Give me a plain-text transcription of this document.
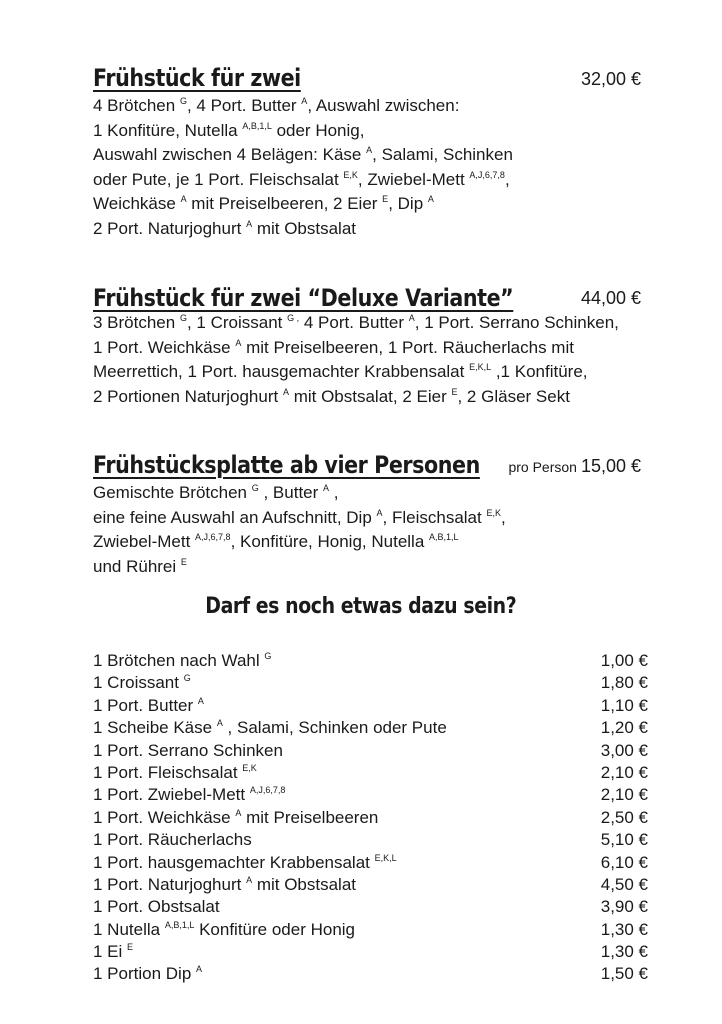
Frühstück für zwei	32,00 €
4 Brötchen $^G$, 4 Port. Butter $^A$, Auswahl zwischen:
1 Konfitüre, Nutella $^{A,B,1,L}$ oder Honig,
Auswahl zwischen 4 Belägen: Käse $^A$, Salami, Schinken
oder Pute, je 1 Port. Fleischsalat $^{E,K}$, Zwiebel-Mett $^{A,J,6,7,8}$,
Weichkäse $^A$ mit Preiselbeeren, 2 Eier $^E$, Dip $^A$
2 Port. Naturjoghurt $^A$ mit Obstsalat
Frühstück für zwei “Deluxe Variante”	44,00 €
3 Brötchen $^G$, 1 Croissant $^{G ,}$ 4 Port. Butter $^A$, 1 Port. Serrano Schinken,
1 Port. Weichkäse $^A$ mit Preiselbeeren, 1 Port. Räucherlachs mit
Meerrettich, 1 Port. hausgemachter Krabbensalat $^{E,K,L}$ ,1 Konfitüre,
2 Portionen Naturjoghurt $^A$ mit Obstsalat, 2 Eier $^E$, 2 Gläser Sekt
Frühstücksplatte ab vier Personen pro Person 15,00 €
Gemischte Brötchen $^G$ , Butter $^A$ ,
eine feine Auswahl an Aufschnitt, Dip $^A$, Fleischsalat $^{E,K}$,
Zwiebel-Mett $^{A,J,6,7,8}$, Konfitüre, Honig, Nutella $^{A,B,1,L}$
und Rührei $^E$
Darf es noch etwas dazu sein?
1 Brötchen nach Wahl $^G$	1,00 €
1 Croissant $^G$	1,80 €
1 Port. Butter $^A$	1,10 €
1 Scheibe Käse $^A$ , Salami, Schinken oder Pute	1,20 €
1 Port. Serrano Schinken	3,00 €
1 Port. Fleischsalat $^{E,K}$	2,10 €
1 Port. Zwiebel-Mett $^{A,J,6,7,8}$	2,10 €
1 Port. Weichkäse $^A$ mit Preiselbeeren	2,50 €
1 Port. Räucherlachs	5,10 €
1 Port. hausgemachter Krabbensalat $^{E,K,L}$	6,10 €
1 Port. Naturjoghurt $^A$ mit Obstsalat	4,50 €
1 Port. Obstsalat	3,90 €
1 Nutella $^{A,B,1,L}$ Konfitüre oder Honig	1,30 €
1 Ei $^E$	1,30 €
1 Portion Dip $^A$	1,50 €
